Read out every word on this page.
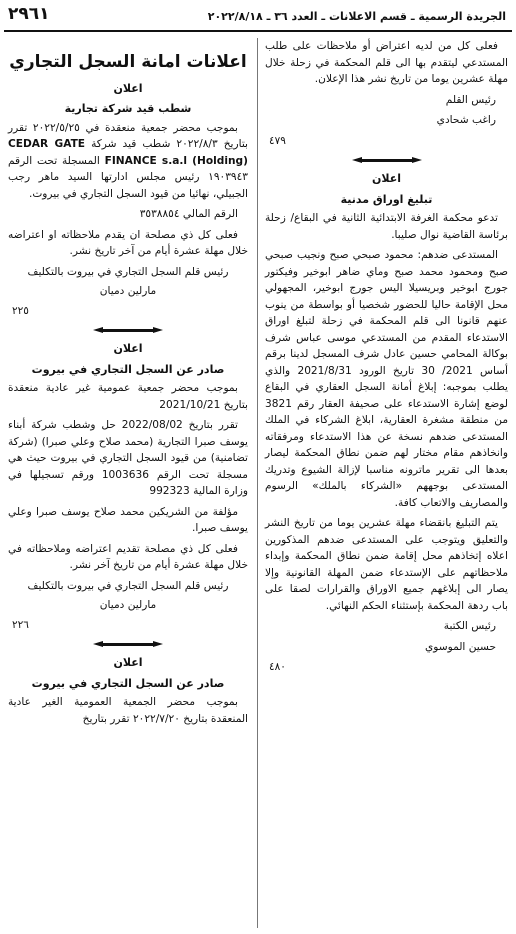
الجريدة الرسمية ـ قسم الاعلانات ـ العدد ٣٦ ـ ٢٠٢٢/٨/١٨
٢٩٦١

فعلى كل من لديه اعتراض أو ملاحظات على طلب المستدعي ليتقدم بها الى قلم المحكمة في زحلة خلال مهلة عشرين يوما من تاريخ نشر هذا الإعلان.

رئيس القلم

راغب شحادي

٤٧٩
اعلان
تبليغ اوراق مدنية

تدعو محكمة الغرفة الابتدائية الثانية في البقاع/ زحلة برئاسة القاضية نوال صليبا.

المستدعى ضدهم: محمود صبحي صبح ونجيب صبحي صبح ومحمود محمد صبح وماي ضاهر ابوخير وفيكتور جورج ابوخير وبريسيلا اليس جورج ابوخير، المجهولي محل الإقامة حاليا للحضور شخصيا أو بواسطة من ينوب عنهم قانونا الى قلم المحكمة في زحلة لتبلغ اوراق الاستدعاء المقدم من المستدعي موسى عباس شرف بوكالة المحامي حسين عادل شرف المسجل لدينا برقم أساس 2021/ 30 تاريخ الورود 2021/8/31 والذي يطلب بموجبه: إبلاغ أمانة السجل العقاري في البقاع لوضع إشارة الاستدعاء على صحيفة العقار رقم 3821 من منطقة مشغرة العقارية، ابلاغ الشركاء في الملك المستدعى ضدهم نسخة عن هذا الاستدعاء ومرفقاته وانخاذهم مقام مختار لهم ضمن نطاق المحكمة ليصار بعدها الى تقرير ماترونه مناسبا لإزالة الشيوع وتدريك المستدعى بوجههم «الشركاء بالملك» الرسوم والمصاريف والاتعاب كافة.

يتم التبليغ بانقضاء مهلة عشرين يوما من تاريخ النشر والتعليق ويتوجب على المستدعى ضدهم المذكورين اعلاه إتخاذهم محل إقامة ضمن نطاق المحكمة وإبداء ملاحظاتهم على الإستدعاء ضمن المهلة القانونية وإلا يصار الى إبلاغهم جميع الاوراق والقرارات لصقا على باب ردهة المحكمة بإستثناء الحكم النهائي.

رئيس الكتبة

حسين الموسوي

٤٨٠
اعلانات امانة السجل التجاري
اعلان
شطب قيد شركة تجارية

بموجب محضر جمعية منعقدة في ٢٠٢٢/٥/٢٥ تقرر بتاريخ ٢٠٢٢/٨/٣ شطب قيد شركة CEDAR GATE FINANCE s.a.l (Holding) المسجلة تحت الرقم ١٩٠٣٩٤٣ رئيس مجلس ادارتها السيد ماهر رجب الجبيلي، نهائيا من قيود السجل التجاري في بيروت.

الرقم المالي ٣٥٣٨٨٥٤

فعلى كل ذي مصلحة ان يقدم ملاحظاته او اعتراضه خلال مهلة عشرة أيام من آخر تاريخ نشر.

رئيس قلم السجل التجاري في بيروت بالتكليف

مارلين دميان

٢٢٥
اعلان
صادر عن السجل التجاري في بيروت

بموجب محضر جمعية عمومية غير عادية منعقدة بتاريخ 2021/10/21

تقرر بتاريخ 2022/08/02 حل وشطب شركة أبناء يوسف صبرا التجارية (محمد صلاح وعلي صبرا) (شركة تضامنية) من قيود السجل التجاري في بيروت حيث هي مسجلة تحت الرقم 1003636 ورقم تسجيلها في وزارة المالية 992323

مؤلفة من الشريكين محمد صلاح يوسف صبرا وعلي يوسف صبرا.

فعلى كل ذي مصلحة تقديم اعتراضه وملاحظاته في خلال مهلة عشرة أيام من تاريخ آخر نشر.

رئيس قلم السجل التجاري في بيروت بالتكليف

مارلين دميان

٢٢٦
اعلان
صادر عن السجل التجاري في بيروت

بموجب محضر الجمعية العمومية الغير عادية المنعقدة بتاريخ ٢٠٢٢/٧/٢٠ تقرر بتاريخ
